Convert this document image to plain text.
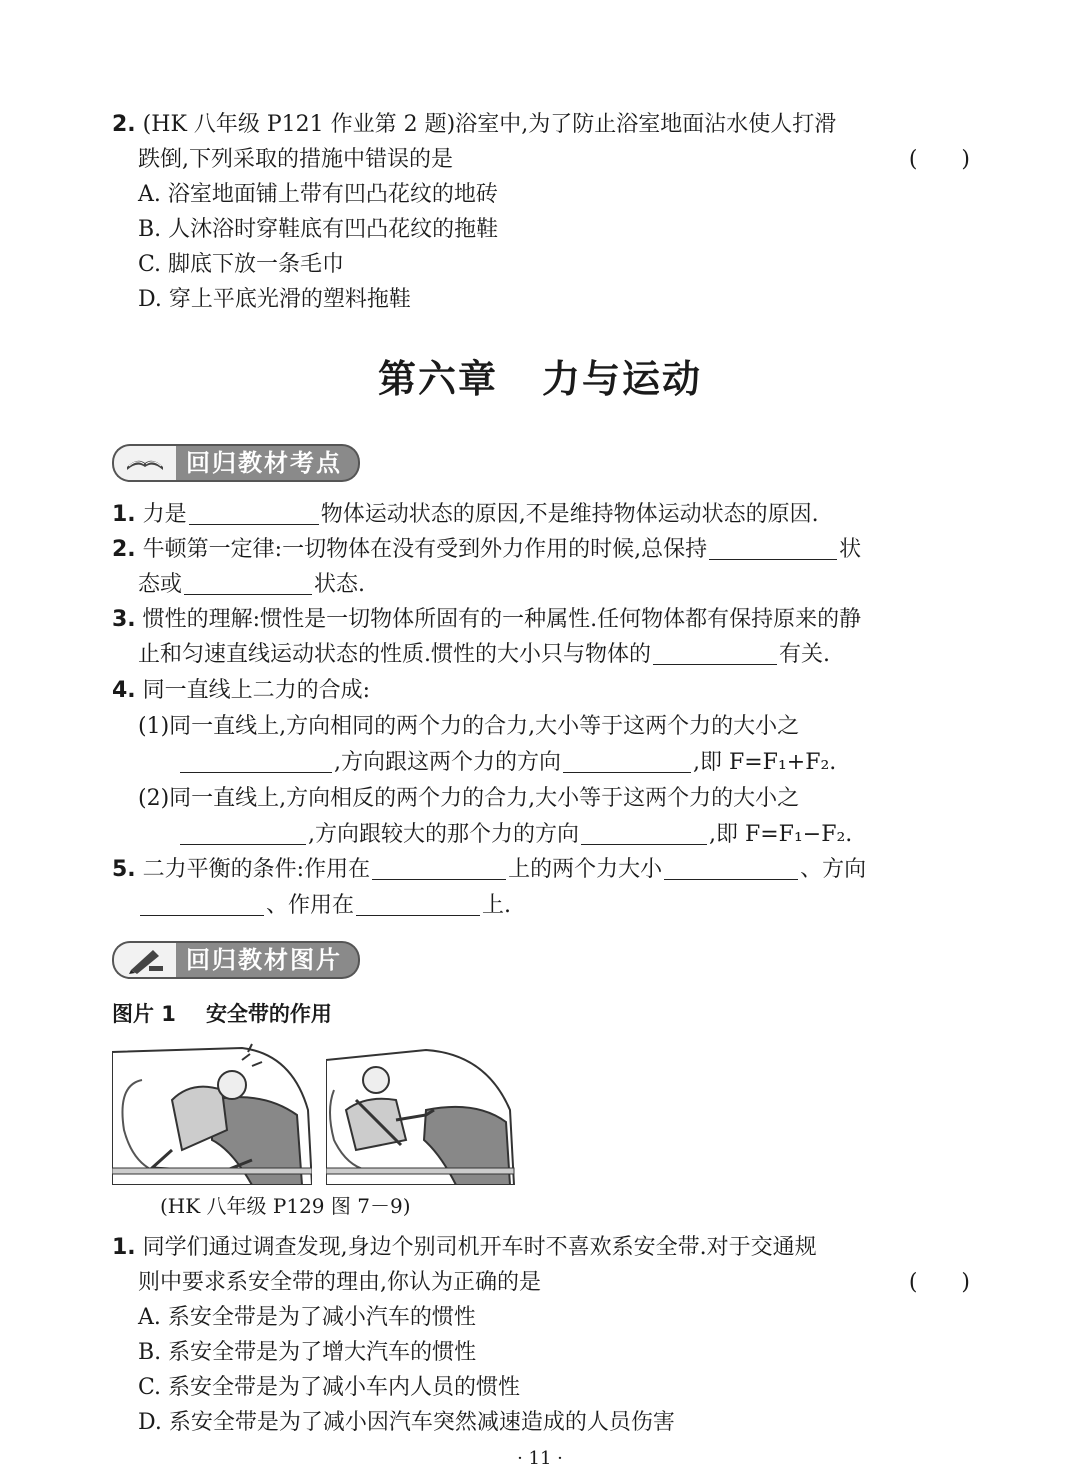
2. (HK 八年级 P121 作业第 2 题)浴室中,为了防止浴室地面沾水使人打滑
跌倒,下列采取的措施中错误的是	(　　)
A. 浴室地面铺上带有凹凸花纹的地砖
B. 人沐浴时穿鞋底有凹凸花纹的拖鞋
C. 脚底下放一条毛巾
D. 穿上平底光滑的塑料拖鞋
第六章 力与运动
回归教材考点
1. 力是	物体运动状态的原因,不是维持物体运动状态的原因.
2. 牛顿第一定律:一切物体在没有受到外力作用的时候,总保持	状
态或	状态.
3. 惯性的理解:惯性是一切物体所固有的一种属性.任何物体都有保持原来的静
止和匀速直线运动状态的性质.惯性的大小只与物体的	有关.
4. 同一直线上二力的合成:
(1)同一直线上,方向相同的两个力的合力,大小等于这两个力的大小之
,方向跟这两个力的方向	,即 F=F₁+F₂.
(2)同一直线上,方向相反的两个力的合力,大小等于这两个力的大小之
,方向跟较大的那个力的方向	,即 F=F₁−F₂.
5. 二力平衡的条件:作用在	上的两个力大小	、方向
、作用在	上.
回归教材图片
图片 1 安全带的作用
(HK 八年级 P129 图 7－9)
1. 同学们通过调查发现,身边个别司机开车时不喜欢系安全带.对于交通规
则中要求系安全带的理由,你认为正确的是	(　　)
A. 系安全带是为了减小汽车的惯性
B. 系安全带是为了增大汽车的惯性
C. 系安全带是为了减小车内人员的惯性
D. 系安全带是为了减小因汽车突然减速造成的人员伤害
· 11 ·
